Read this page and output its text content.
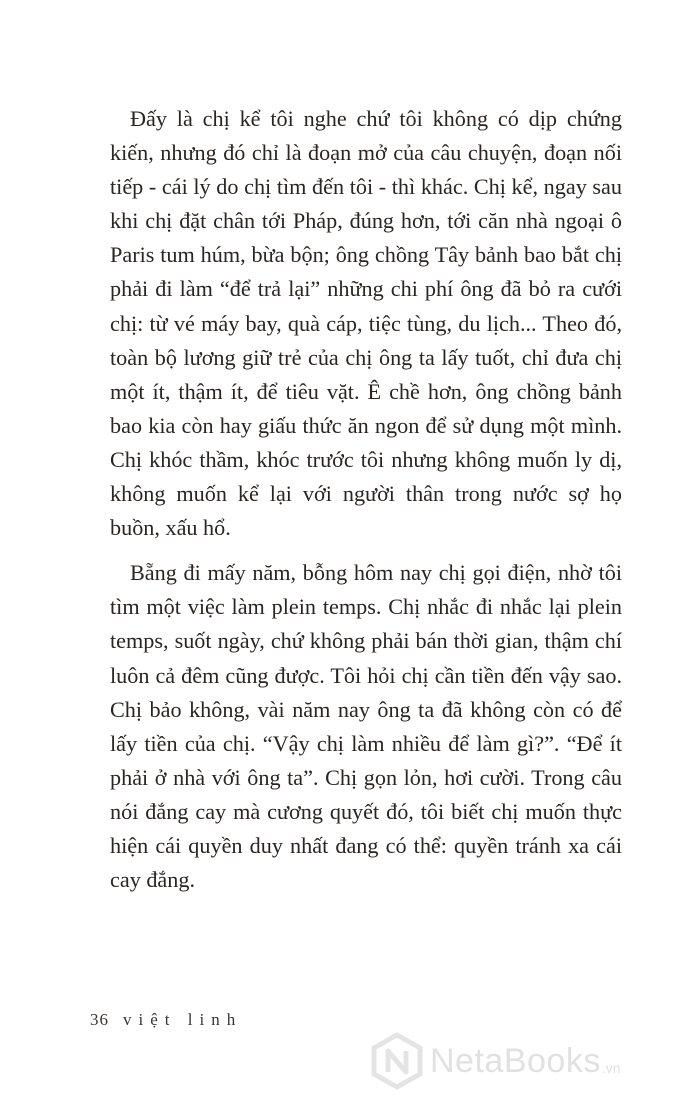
Đấy là chị kể tôi nghe chứ tôi không có dịp chứng kiến, nhưng đó chỉ là đoạn mở của câu chuyện, đoạn nối tiếp - cái lý do chị tìm đến tôi - thì khác. Chị kể, ngay sau khi chị đặt chân tới Pháp, đúng hơn, tới căn nhà ngoại ô Paris tum húm, bừa bộn; ông chồng Tây bảnh bao bắt chị phải đi làm “để trả lại” những chi phí ông đã bỏ ra cưới chị: từ vé máy bay, quà cáp, tiệc tùng, du lịch... Theo đó, toàn bộ lương giữ trẻ của chị ông ta lấy tuốt, chỉ đưa chị một ít, thậm ít, để tiêu vặt. Ê chề hơn, ông chồng bảnh bao kia còn hay giấu thức ăn ngon để sử dụng một mình. Chị khóc thầm, khóc trước tôi nhưng không muốn ly dị, không muốn kể lại với người thân trong nước sợ họ buồn, xấu hổ.

Bẵng đi mấy năm, bỗng hôm nay chị gọi điện, nhờ tôi tìm một việc làm plein temps. Chị nhắc đi nhắc lại plein temps, suốt ngày, chứ không phải bán thời gian, thậm chí luôn cả đêm cũng được. Tôi hỏi chị cần tiền đến vậy sao. Chị bảo không, vài năm nay ông ta đã không còn có để lấy tiền của chị. “Vậy chị làm nhiều để làm gì?”. “Để ít phải ở nhà với ông ta”. Chị gọn lỏn, hơi cười. Trong câu nói đắng cay mà cương quyết đó, tôi biết chị muốn thực hiện cái quyền duy nhất đang có thể: quyền tránh xa cái cay đắng.

36 việt linh
NetaBooks .vn
